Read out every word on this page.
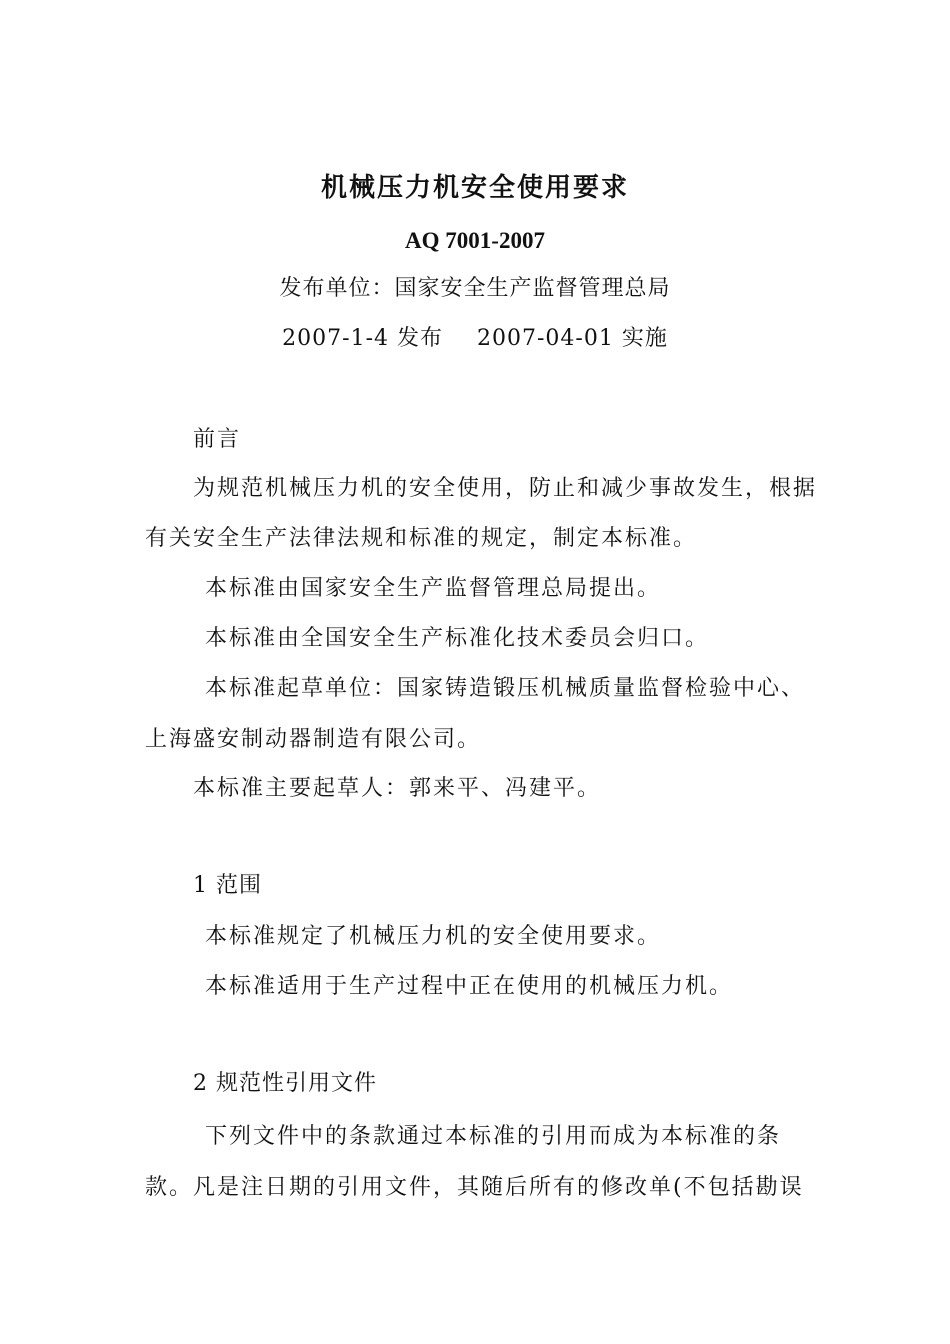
机械压力机安全使用要求
AQ 7001-2007
发布单位：国家安全生产监督管理总局
2007-1-4 发布 2007-04-01 实施
前言
为规范机械压力机的安全使用，防止和减少事故发生，根据
有关安全生产法律法规和标准的规定，制定本标准。
本标准由国家安全生产监督管理总局提出。
本标准由全国安全生产标准化技术委员会归口。
本标准起草单位：国家铸造锻压机械质量监督检验中心、
上海盛安制动器制造有限公司。
本标准主要起草人：郭来平、冯建平。
1 范围
本标准规定了机械压力机的安全使用要求。
本标准适用于生产过程中正在使用的机械压力机。
2 规范性引用文件
下列文件中的条款通过本标准的引用而成为本标准的条
款。凡是注日期的引用文件，其随后所有的修改单(不包括勘误
